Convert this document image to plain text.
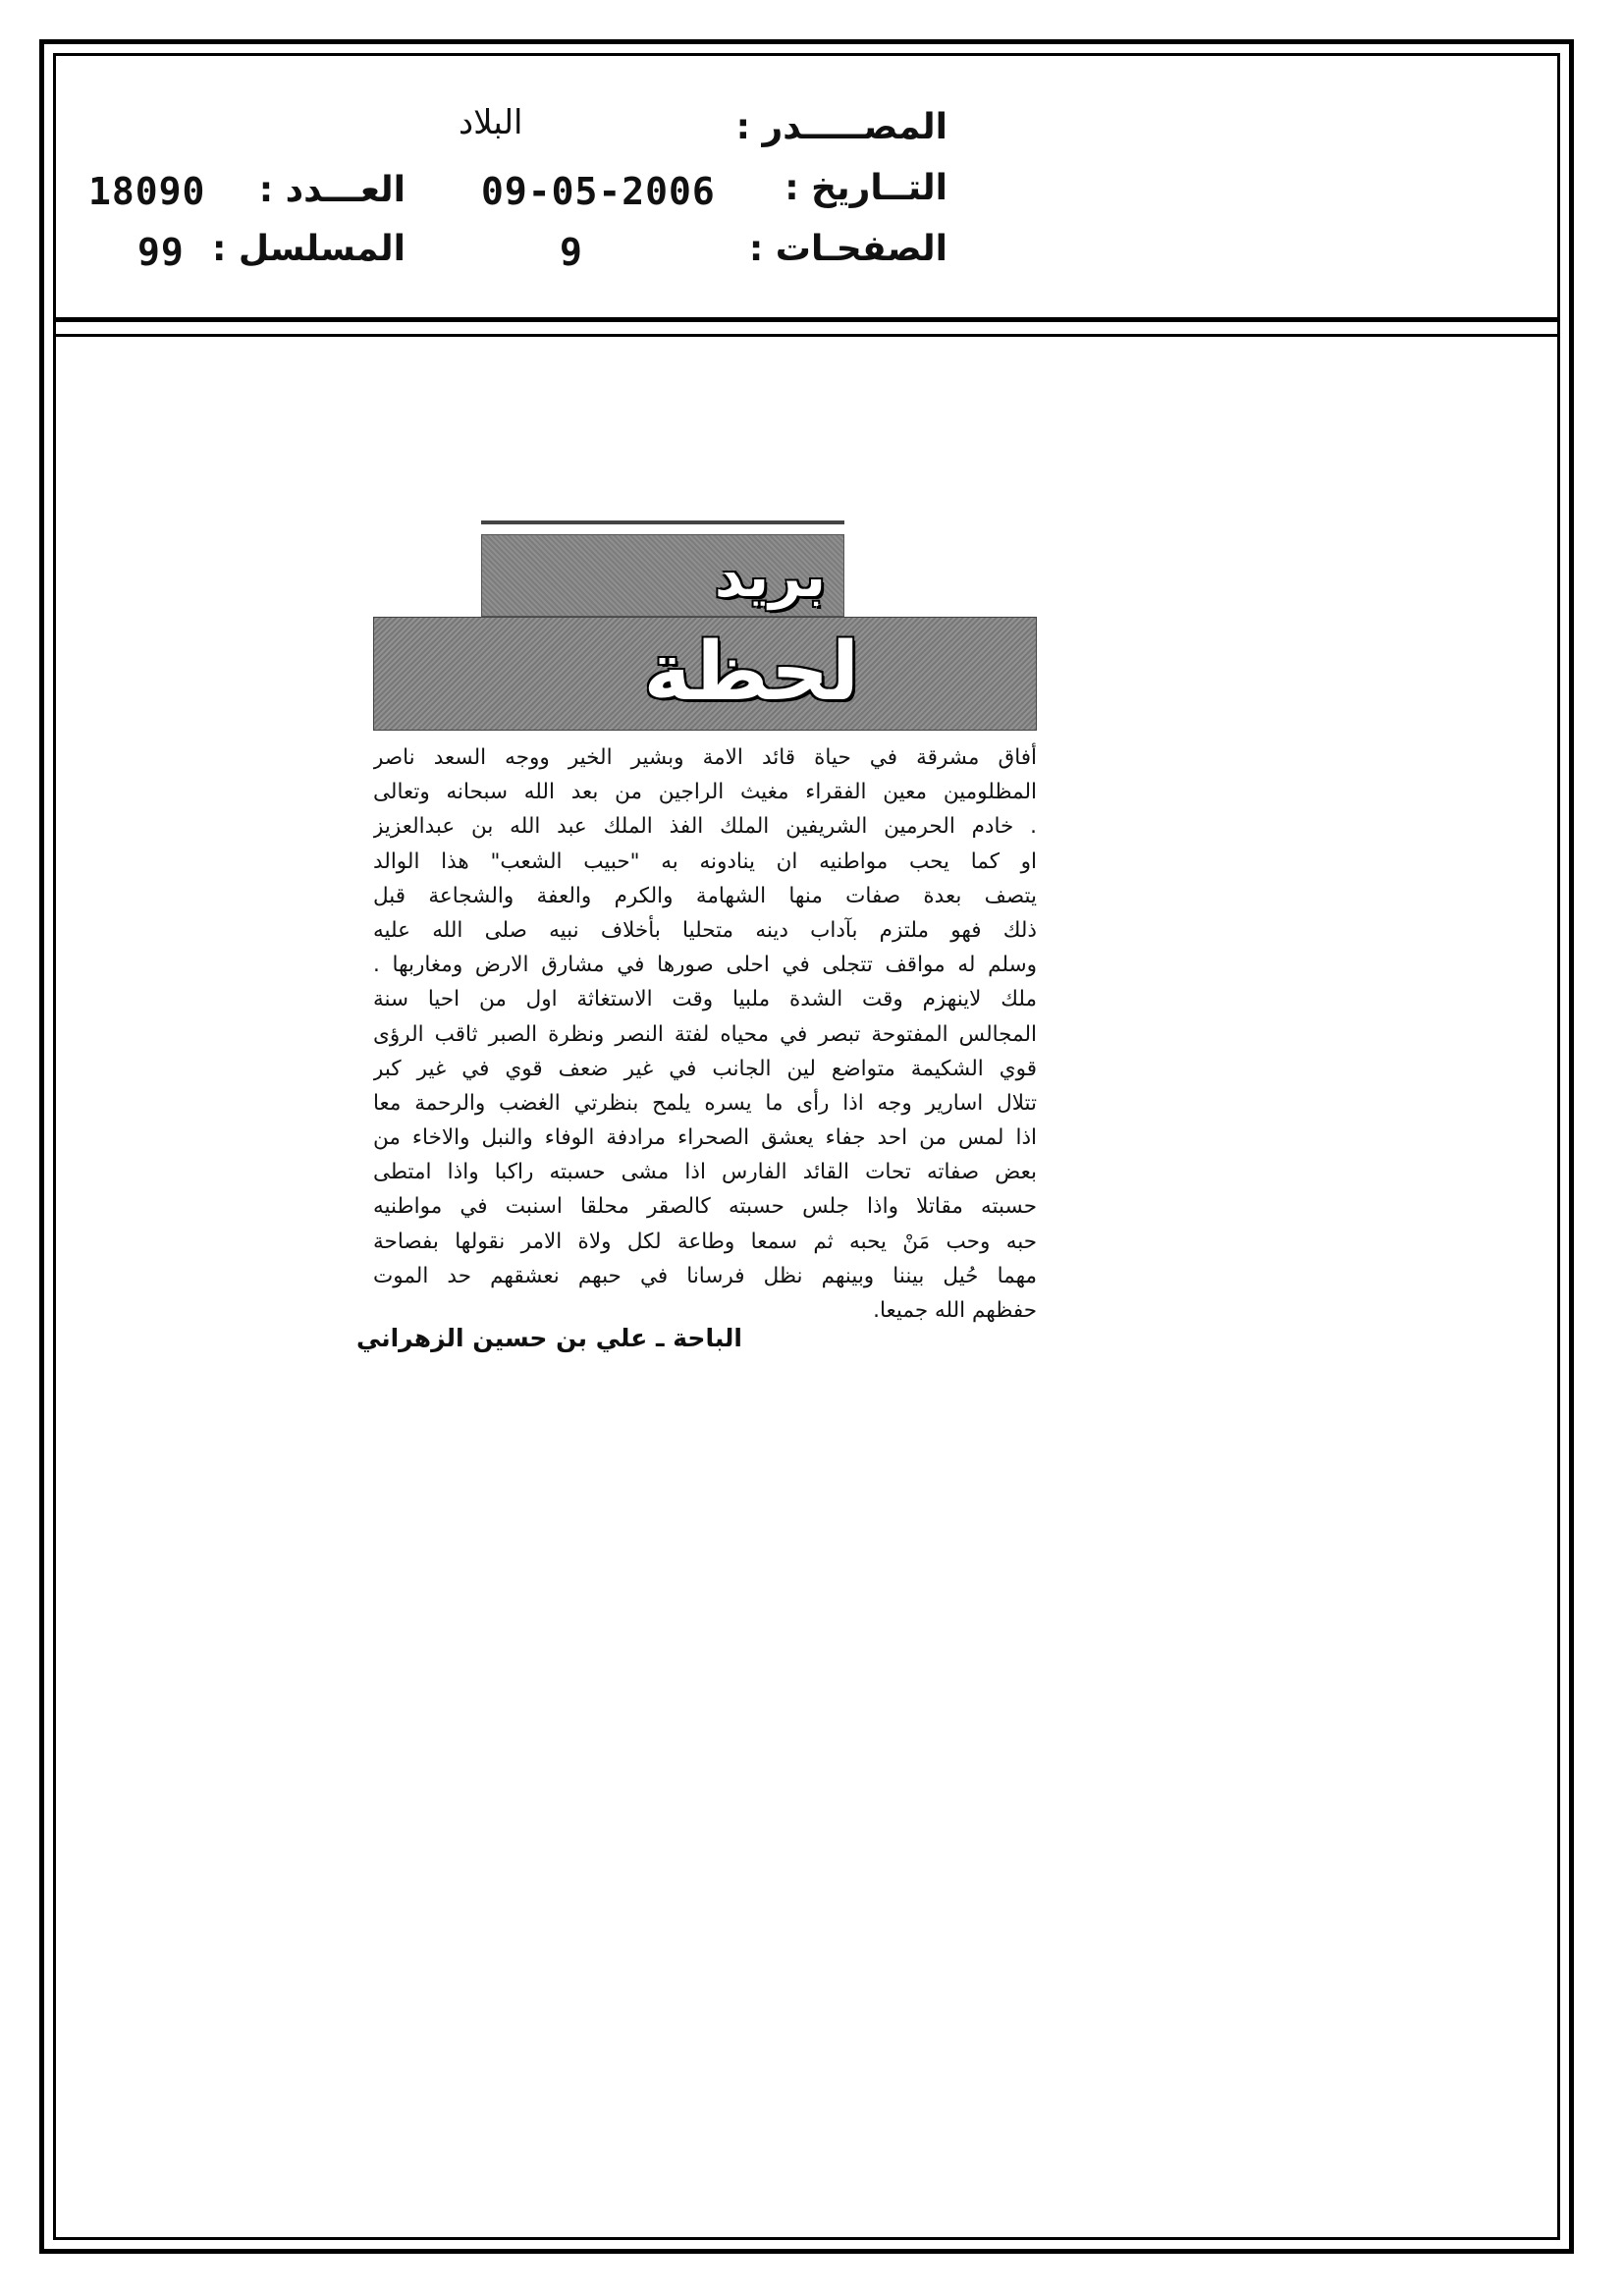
المصـــــدر :
البلاد
التــاريخ :
09-05-2006
العـــدد :
18090
الصفحـات :
9
المسلسل :
99
بريد
لحظة
أفاق مشرقة في حياة قائد الامة وبشير الخير ووجه السعد ناصر
المظلومين معين الفقراء مغيث الراجين من بعد الله سبحانه وتعالى
. خادم الحرمين الشريفين الملك الفذ الملك عبد الله بن عبدالعزيز
او كما يحب مواطنيه ان ينادونه به "حبيب الشعب" هذا الوالد
يتصف بعدة صفات منها الشهامة والكرم والعفة والشجاعة قبل
ذلك فهو ملتزم بآداب دينه متحليا بأخلاف نبيه صلى الله عليه
وسلم له مواقف تتجلى في احلى صورها في مشارق الارض ومغاربها .
ملك لاينهزم وقت الشدة ملبيا وقت الاستغاثة اول من احيا سنة
المجالس المفتوحة تبصر في محياه لفتة النصر ونظرة الصبر ثاقب الرؤى
قوي الشكيمة متواضع لين الجانب في غير ضعف قوي في غير كبر
تتلال اسارير وجه اذا رأى ما يسره يلمح بنظرتي الغضب والرحمة معا
اذا لمس من احد جفاء يعشق الصحراء مرادفة الوفاء والنبل والاخاء من
بعض صفاته تحات القائد الفارس اذا مشى حسبته راكبا واذا امتطى
حسبته مقاتلا واذا جلس حسبته كالصقر محلقا اسنبت في مواطنيه
حبه وحب مَنْ يحبه ثم سمعا وطاعة لكل ولاة الامر نقولها بفصاحة
مهما حُيل بيننا وبينهم نظل فرسانا في حبهم نعشقهم حد الموت
حفظهم الله جميعا.
الباحة ـ علي بن حسين الزهراني
